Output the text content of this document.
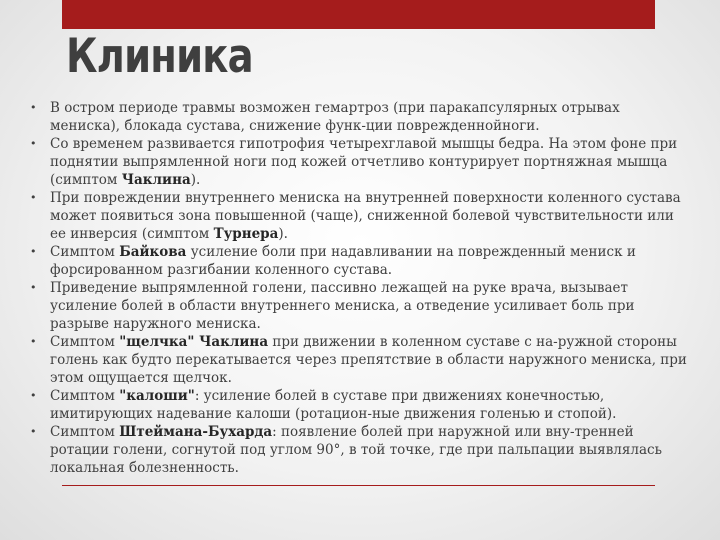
Клиника
•	В остром периоде травмы возможен гемартроз (при паракапсулярных отрывах мениска), блокада сустава, снижение функ-ции поврежденнойноги.
•	Со временем развивается гипотрофия четырехглавой мышцы бедра. На этом фоне при поднятии выпрямленной ноги под кожей отчетливо контурирует портняжная мышца (симптом Чаклина).
•	При повреждении внутреннего мениска на внутренней поверхности коленного сустава может появиться зона повышенной (чаще), сниженной болевой чувствительности или ее инверсия (симптом Турнера).
•	Симптом Байкова усиление боли при надавливании на поврежденный мениск и форсированном разгибании коленного сустава.
•	Приведение выпрямленной голени, пассивно лежащей на руке врача, вызывает усиление болей в области внутреннего мениска, а отведение усиливает боль при разрыве наружного мениска.
•	Симптом "щелчка" Чаклина при движении в коленном суставе с на-ружной стороны голень как будто перекатывается через препятствие в области наружного мениска, при этом ощущается щелчок.
•	Симптом "калоши": усиление болей в суставе при движениях конечностью, имитирующих надевание калоши (ротацион-ные движения голенью и стопой).
•	Симптом Штеймана-Бухарда: появление болей при наружной или вну-тренней ротации голени, согнутой под углом 90°, в той точке, где при пальпации выявлялась локальная болезненность.
